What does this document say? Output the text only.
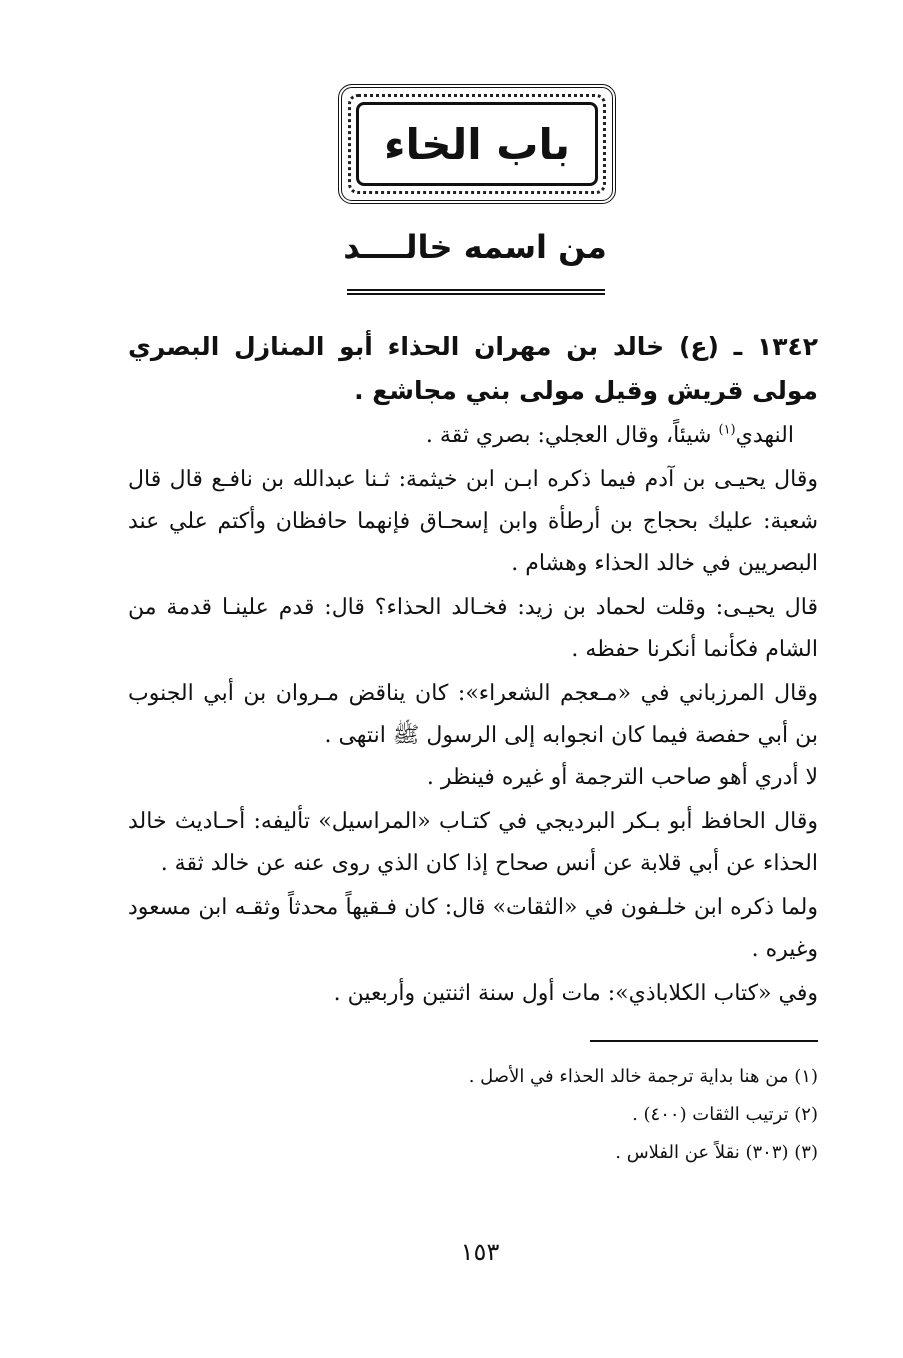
باب الخاء
من اسمه خالــــد

١٣٤٢ ـ (ع) خالد بن مهران الحذاء أبو المنازل البصري مولى قريش وقيل مولى بني مجاشع .

النهدي$^{(١)}$ شيئاً، وقال العجلي: بصري ثقة .

وقال يحيـى بن آدم فيما ذكره ابـن ابن خيثمة: ثـنا عبدالله بن نافـع قال قال شعبة: عليك بحجاج بن أرطأة وابن إسحـاق فإنهما حافظان وأكتم علي عند البصريين في خالد الحذاء وهشام .

قال يحيـى: وقلت لحماد بن زيد: فخـالد الحذاء؟ قال: قدم علينـا قدمة من الشام فكأنما أنكرنا حفظه .

وقال المرزباني في «مـعجم الشعراء»: كان يناقض مـروان بن أبي الجنوب بن أبي حفصة فيما كان انجوابه إلى الرسول ﷺ انتهى .

لا أدري أهو صاحب الترجمة أو غيره فينظر .

وقال الحافظ أبو بـكر البرديجي في كتـاب «المراسيل» تأليفه: أحـاديث خالد الحذاء عن أبي قلابة عن أنس صحاح إذا كان الذي روى عنه عن خالد ثقة .

ولما ذكره ابن خلـفون في «الثقات» قال: كان فـقيهاً محدثاً وثقـه ابن مسعود وغيره .

وفي «كتاب الكلاباذي»: مات أول سنة اثنتين وأربعين .

(١) من هنا بداية ترجمة خالد الحذاء في الأصل .

(٢) ترتيب الثقات (٤٠٠) .

(٣) (٣٠٣) نقلاً عن الفلاس .

١٥٣
